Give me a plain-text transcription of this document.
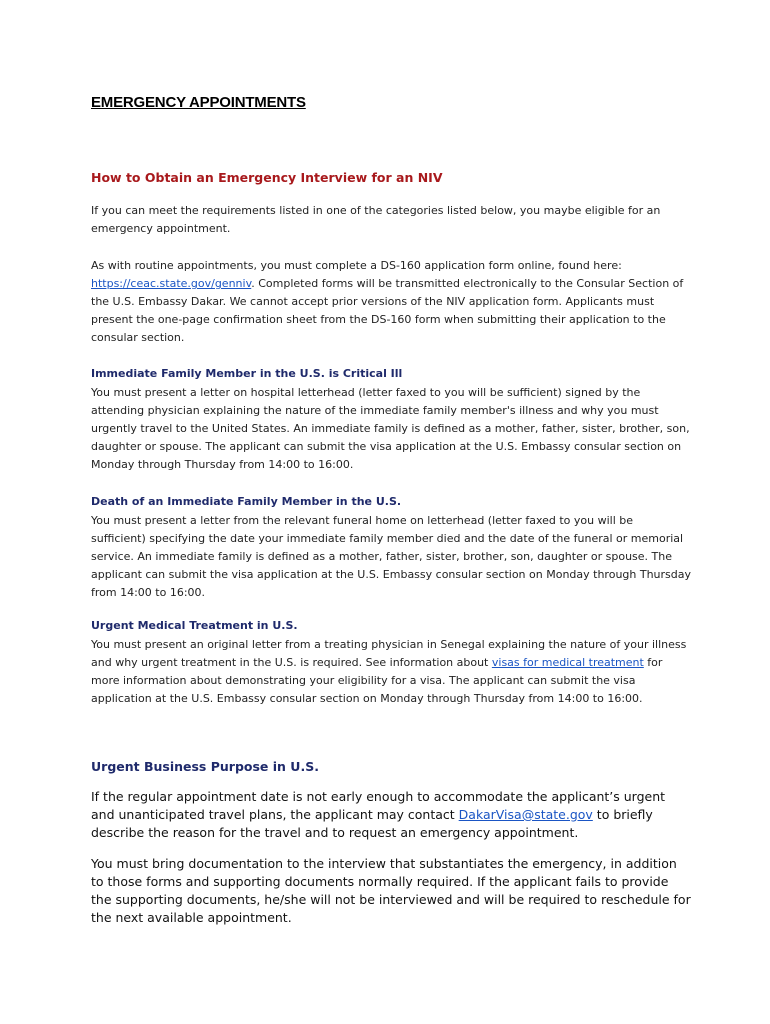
EMERGENCY APPOINTMENTS
How to Obtain an Emergency Interview for an NIV
If you can meet the requirements listed in one of the categories listed below, you maybe eligible for an emergency appointment.
As with routine appointments, you must complete a DS-160 application form online, found here: https://ceac.state.gov/genniv. Completed forms will be transmitted electronically to the Consular Section of the U.S. Embassy Dakar. We cannot accept prior versions of the NIV application form. Applicants must present the one-page confirmation sheet from the DS-160 form when submitting their application to the consular section.
Immediate Family Member in the U.S. is Critical Ill
You must present a letter on hospital letterhead (letter faxed to you will be sufficient) signed by the attending physician explaining the nature of the immediate family member's illness and why you must urgently travel to the United States. An immediate family is defined as a mother, father, sister, brother, son, daughter or spouse. The applicant can submit the visa application at the U.S. Embassy consular section on Monday through Thursday from 14:00 to 16:00.
Death of an Immediate Family Member in the U.S.
You must present a letter from the relevant funeral home on letterhead (letter faxed to you will be sufficient) specifying the date your immediate family member died and the date of the funeral or memorial service. An immediate family is defined as a mother, father, sister, brother, son, daughter or spouse. The applicant can submit the visa application at the U.S. Embassy consular section on Monday through Thursday from 14:00 to 16:00.
Urgent Medical Treatment in U.S.
You must present an original letter from a treating physician in Senegal explaining the nature of your illness and why urgent treatment in the U.S. is required. See information about visas for medical treatment for more information about demonstrating your eligibility for a visa. The applicant can submit the visa application at the U.S. Embassy consular section on Monday through Thursday from 14:00 to 16:00.
Urgent Business Purpose in U.S.
If the regular appointment date is not early enough to accommodate the applicant’s urgent and unanticipated travel plans, the applicant may contact DakarVisa@state.gov to briefly describe the reason for the travel and to request an emergency appointment.
You must bring documentation to the interview that substantiates the emergency, in addition to those forms and supporting documents normally required. If the applicant fails to provide the supporting documents, he/she will not be interviewed and will be required to reschedule for the next available appointment.
